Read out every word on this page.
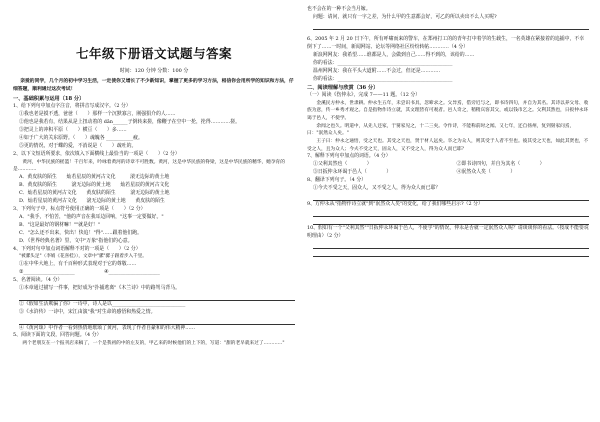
七年级下册语文试题与答案
时间：120 分钟 分数：100 分
亲爱的同学，几个月的初中学习生活，一定使你又增长了不少新知识，掌握了更多的学习方法，相信你会用所学的知识和方法，仔细答题，顺利通过这次考试！
一、基础积累与运用（18 分）
1、给下列句中加点字注音，将拼音写成汉字。（2 分）
①我也老是摸不透，爸爸（　　）那样一个沉默寡言，刚强狷介的人……
②他也是我若有，结果从是上扭动着的 dǎn______子倒转来搓，像鞭子在空中一抡，抡得…………搓。
③把灵上的冲积平原（　　）横亘（　　）多……
④如于广大的关东原野。（　　）魂魄各 ___________疲。
⑤更的情况，对于蝶的爱，不消说是（　　）疏吐的。
2、以下文短语所要求，依次填入下面横线上最恰当的一项是（　　）（2 分）
黄河，中华民族的摇篮！千百年来，吟咏着黄河的诗章不可胜数。黄河，这是中华民族的脊梁，这是中华民族的精华，她孕育的是…………
A．黄皮肤的陌生　　灿若星辰的黄河古文化　　　滚无边际的黄土地
B．黄皮肤的陌生　　　滚无边际的黄土地　　灿若星辰的黄河古文化
C．灿若星辰的黄河古文化　　黄皮肤的陌生　　　滚无边际的黄土地
D．灿若星辰的黄河古文化　　滚无边际的黄土地　　黄皮肤的陌生
3、下列句子中，标点符号使用正确的一项是（　　）（2 分）
A．"我手，不怕苦，"他的声音在我耳边回响，"这事一定要做好。"
B．"这是最好的钢材嘛！""就是好！"
C．"怎么还不出来，快出！快追！"得"……跟着他们跑。
D．《世界经典名著》里，文中"万象"指他们的心意。
4、下列对句中加点词语解释不对的一项是（　　）（2 分）
"被骡头足"（李娟《花喜桂》），文章中"骡"骡子跟着步入千里。
①在中华大地上，有千百种形式表现对于它的尊敬……
②_____________________　　　　　　④_____________________
5、名著阅读。（4 分）
①本章通过描写一件事，把好成为"扑捕逃离"《木兰诗》中的路驾马背马。
②《假如生活欺骗了你》一诗中，诗人是以______________________________
③《水浒传》一诗中，宋江由演"我"对生命的感悟和热爱之情。
④《黄河颂》中作者一看到热情地歌颂了黄河，表现了作者自豪和的伟大精神……
5、阅读下面的文段，回答问题。（4 分）
两个老朋友在一个报刊店来稿了，一个是我初的中的左友的，甲乙来的时候他们的上下的，写道："甜的老早就来过了…………"
也不会在的一种不会当月嫁。
问题：请问，就只有一字之差，为什么甲的生意都会好，可乙的所以卖出不么人买呢?
6、2005 年 2 月 20 日下午，所有呼啸而来的警车，在郑州打工的的青年打中着学的生载生，一名英雄在紧接着的追捕中，不幸倒下了……一时间，新闻网站、论坛等网络社区纷纷转帖…………（4 分）
新浪网网友：我希望……谁都是人，会做到自己……得不到的，该给的……
你的看法：_______________________________________________
温州网网友：我在平头大道附……不会过，但还是…………
你的看法：_______________________________________________
二、阅读理解与欣赏（36 分）
（一）阅读《伤仲永》，完成 7——11 题。（12 分）
金溪民方仲永，世隶耕。仲永生五年，未尝识书具，忽啼求之。父异焉，借旁近与之，即书诗四句，并自为其名。其诗以养父母、收族为意，传一乡秀才观之。自是指物作诗立就，其文理皆有可观者。邑人奇之，稍稍宾客其父，或以钱币乞之。父利其然也，日扳仲永环谒于邑人，不使学。
余闻之也久。明道中，从先人还家，于舅家见之，十二三矣。令作诗，不能称前时之闻。又七年，还自扬州，复到舅家问焉，曰："泯然众人矣。"
王子曰：仲永之通悟，受之天也。其受之天也，贤于材人远矣。卒之为众人，则其受于人者不至也。彼其受之天也，如此其贤也，不受之人，且为众人；今夫不受之天，固众人，又不受之人，得为众人而已耶？
7、解释下列句中加点的词语。（4 分）
①父利其然也（　　　　）	②即书诗四句，并自为其名（　　　　）
③日扳仲永环谒于邑人（　　　　）	④泯然众人矣（　　　　）
8、翻译下列句子。（4 分）
①今夫不受之天，固众人，又不受之人，得为众人而已耶？
9、方仲永从"指物作诗立就"到"泯然众人矣"的变化，给了我们哪些启示?（2 分）
10、假如有一个"父利其然""日扳仲永环谒于邑人，不使学"的情况，仲永是否就一定泯然众人呢？请谈谈你的看法。（按成不能要说明理由）（2 分）
